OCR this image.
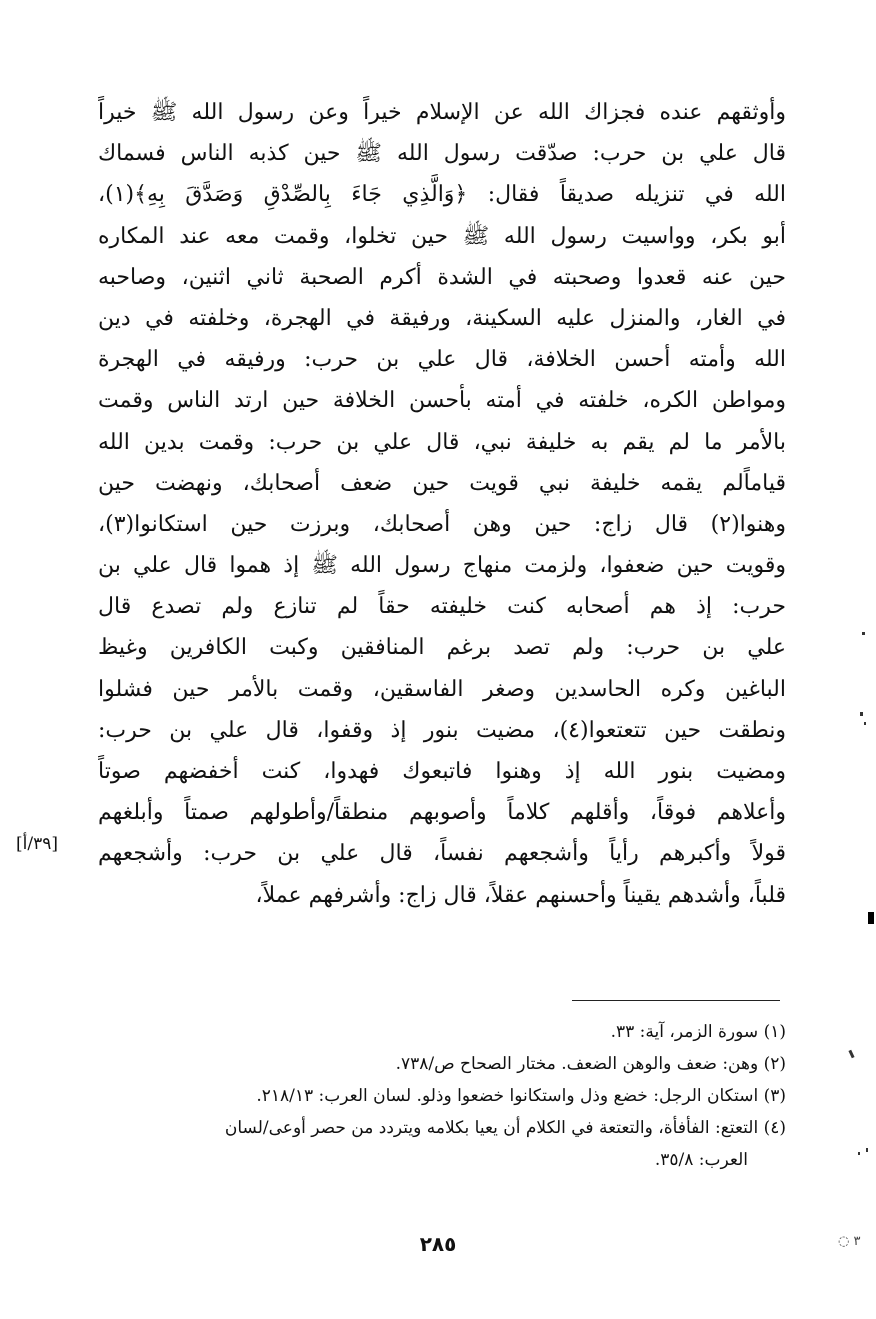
وأوثقهم عنده فجزاك الله عن الإسلام خيراً وعن رسول الله ﷺ خيراً
قال علي بن حرب: صدّقت رسول الله ﷺ حين كذبه الناس فسماك
الله في تنزيله صديقاً فقال: ﴿وَالَّذِي جَاءَ بِالصِّدْقِ وَصَدَّقَ بِهِ﴾(١)،
أبو بكر، وواسيت رسول الله ﷺ حين تخلوا، وقمت معه عند المكاره
حين عنه قعدوا وصحبته في الشدة أكرم الصحبة ثاني اثنين، وصاحبه
في الغار، والمنزل عليه السكينة، ورفيقة في الهجرة، وخلفته في دين
الله وأمته أحسن الخلافة، قال علي بن حرب: ورفيقه في الهجرة
ومواطن الكره، خلفته في أمته بأحسن الخلافة حين ارتد الناس وقمت
بالأمر ما لم يقم به خليفة نبي، قال علي بن حرب: وقمت بدين الله
قياماًلم يقمه خليفة نبي قويت حين ضعف أصحابك، ونهضت حين
وهنوا(٢) قال زاج: حين وهن أصحابك، وبرزت حين استكانوا(٣)،
وقويت حين ضعفوا، ولزمت منهاج رسول الله ﷺ إذ هموا قال علي بن
حرب: إذ هم أصحابه كنت خليفته حقاً لم تنازع ولم تصدع قال
علي بن حرب: ولم تصد برغم المنافقين وكبت الكافرين وغيظ
الباغين وكره الحاسدين وصغر الفاسقين، وقمت بالأمر حين فشلوا
ونطقت حين تتعتعوا(٤)، مضيت بنور إذ وقفوا، قال علي بن حرب:
ومضيت بنور الله إذ وهنوا فاتبعوك فهدوا، كنت أخفضهم صوتاً
وأعلاهم فوقاً، وأقلهم كلاماً وأصوبهم منطقاً/وأطولهم صمتاً وأبلغهم
قولاً وأكبرهم رأياً وأشجعهم نفساً، قال علي بن حرب: وأشجعهم
قلباً، وأشدهم يقيناً وأحسنهم عقلاً، قال زاج: وأشرفهم عملاً،
[٣٩/أ]
(١) سورة الزمر، آية: ٣٣.
(٢) وهن: ضعف والوهن الضعف. مختار الصحاح ص/٧٣٨.
(٣) استكان الرجل: خضع وذل واستكانوا خضعوا وذلو. لسان العرب: ٢١٨/١٣.
(٤) التعتع: الفأفأة، والتعتعة في الكلام أن يعيا بكلامه ويتردد من حصر أوعى/لسان
العرب: ٣٥/٨.
٢٨٥	٣ ◌
